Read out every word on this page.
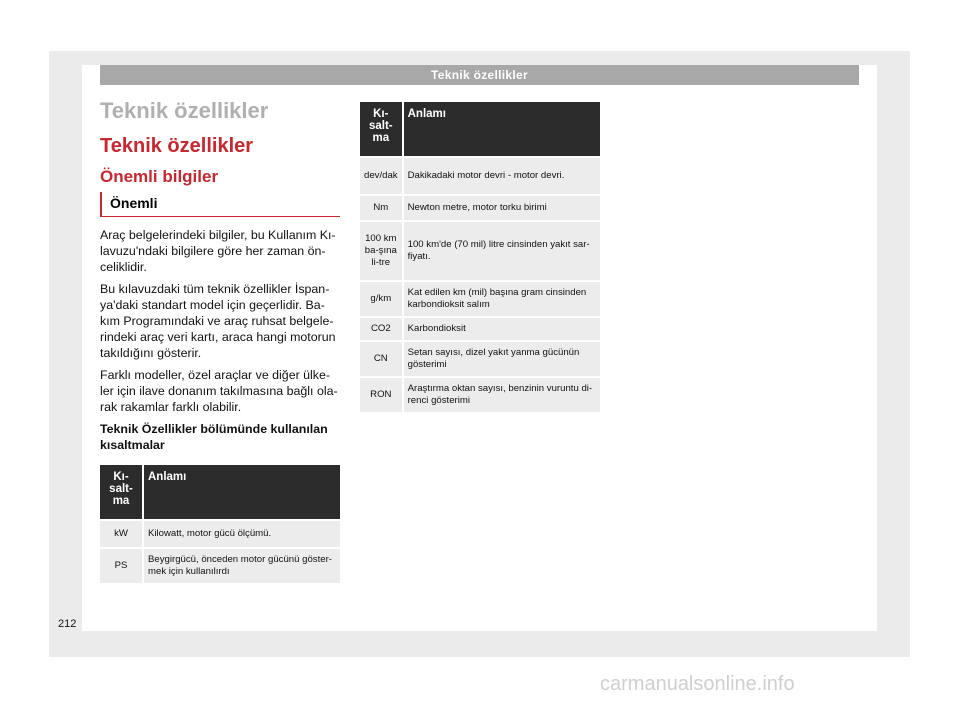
Teknik özellikler
Teknik özellikler
Teknik özellikler
Önemli bilgiler
Önemli

Araç belgelerindeki bilgiler, bu Kullanım Kı-lavuzu'ndaki bilgilere göre her zaman ön-celiklidir.

Bu kılavuzdaki tüm teknik özellikler İspan-ya'daki standart model için geçerlidir. Ba-kım Programındaki ve araç ruhsat belgele-rindeki araç veri kartı, araca hangi motorun takıldığını gösterir.

Farklı modeller, özel araçlar ve diğer ülke-ler için ilave donanım takılmasına bağlı ola-rak rakamlar farklı olabilir.

Teknik Özellikler bölümünde kullanılan kısaltmalar

Kı-salt-ma	Anlamı
kW	Kilowatt, motor gücü ölçümü.
PS	Beygirgücü, önceden motor gücünü göster-mek için kullanılırdı
Kı-salt-ma	Anlamı
dev/dak	Dakikadaki motor devri - motor devri.
Nm	Newton metre, motor torku birimi
100 km ba-şına li-tre	100 km'de (70 mil) litre cinsinden yakıt sar-fiyatı.
g/km	Kat edilen km (mil) başına gram cinsinden karbondioksit salım
CO2	Karbondioksit
CN	Setan sayısı, dizel yakıt yanma gücünün gösterimi
RON	Araştırma oktan sayısı, benzinin vuruntu di-renci gösterimi
212
carmanualsonline.info
